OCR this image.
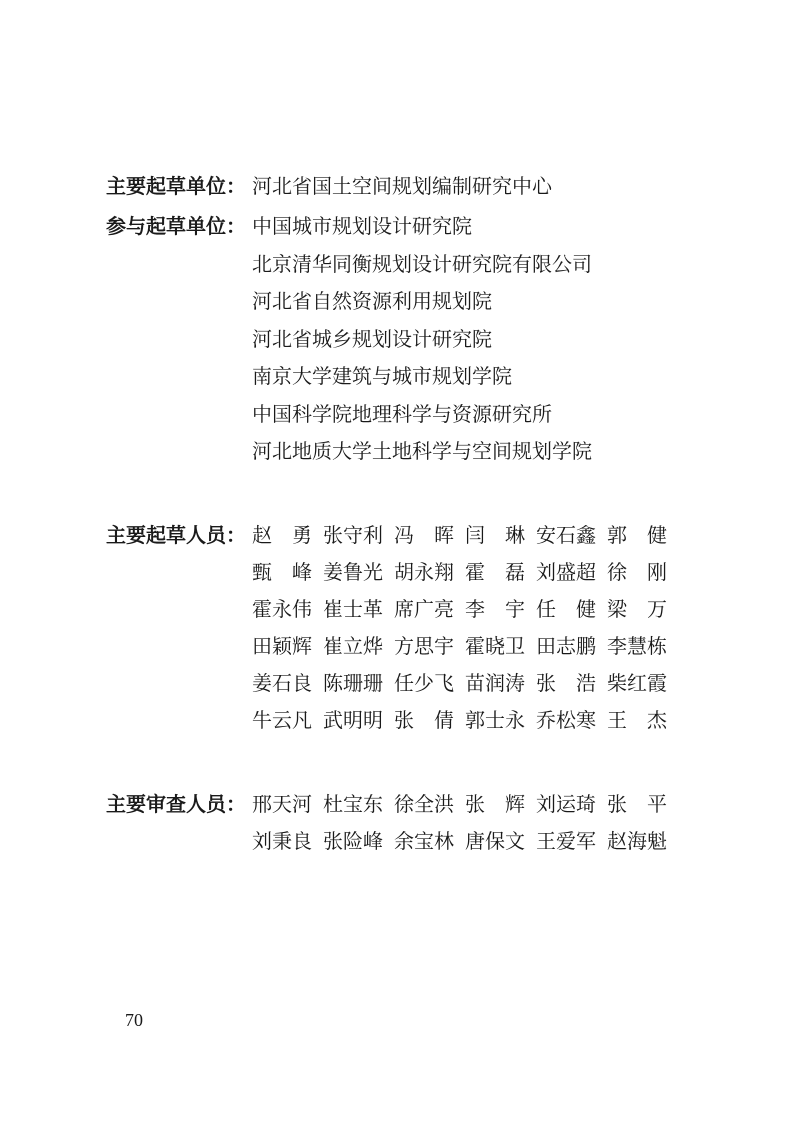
主要起草单位： 河北省国土空间规划编制研究中心
参与起草单位： 中国城市规划设计研究院
北京清华同衡规划设计研究院有限公司
河北省自然资源利用规划院
河北省城乡规划设计研究院
南京大学建筑与城市规划学院
中国科学院地理科学与资源研究所
河北地质大学土地科学与空间规划学院
主要起草人员： 赵　勇 张守利 冯　晖 闫　琳 安石鑫 郭　健
甄　峰 姜鲁光 胡永翔 霍　磊 刘盛超 徐　刚
霍永伟 崔士革 席广亮 李　宇 任　健 梁　万
田颖辉 崔立烨 方思宇 霍晓卫 田志鹏 李慧栋
姜石良 陈珊珊 任少飞 苗润涛 张　浩 柴红霞
牛云凡 武明明 张　倩 郭士永 乔松寒 王　杰
主要审查人员： 邢天河 杜宝东 徐全洪 张　辉 刘运琦 张　平
刘秉良 张险峰 余宝林 唐保文 王爱军 赵海魁
70
